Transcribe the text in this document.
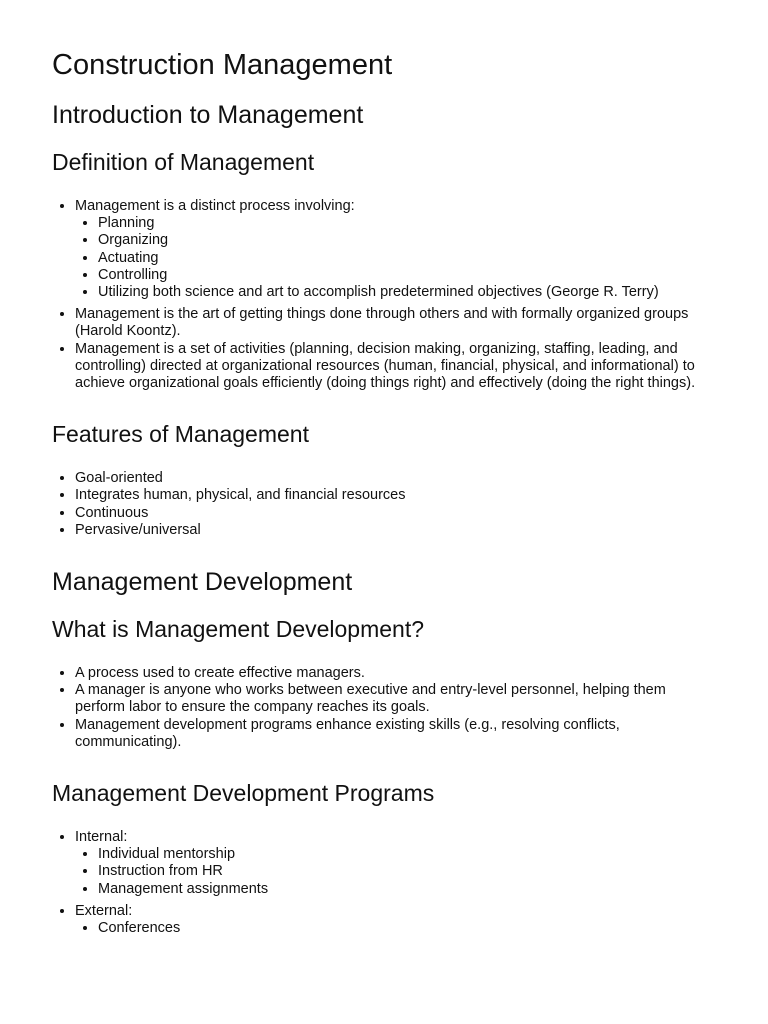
Construction Management
Introduction to Management
Definition of Management
• Management is a distinct process involving:
• Planning
• Organizing
• Actuating
• Controlling
• Utilizing both science and art to accomplish predetermined objectives (George R. Terry)
• Management is the art of getting things done through others and with formally organized groups (Harold Koontz).
• Management is a set of activities (planning, decision making, organizing, staffing, leading, and controlling) directed at organizational resources (human, financial, physical, and informational) to achieve organizational goals efficiently (doing things right) and effectively (doing the right things).
Features of Management
• Goal-oriented
• Integrates human, physical, and financial resources
• Continuous
• Pervasive/universal
Management Development
What is Management Development?
• A process used to create effective managers.
• A manager is anyone who works between executive and entry-level personnel, helping them perform labor to ensure the company reaches its goals.
• Management development programs enhance existing skills (e.g., resolving conflicts, communicating).
Management Development Programs
• Internal:
• Individual mentorship
• Instruction from HR
• Management assignments
• External:
• Conferences
